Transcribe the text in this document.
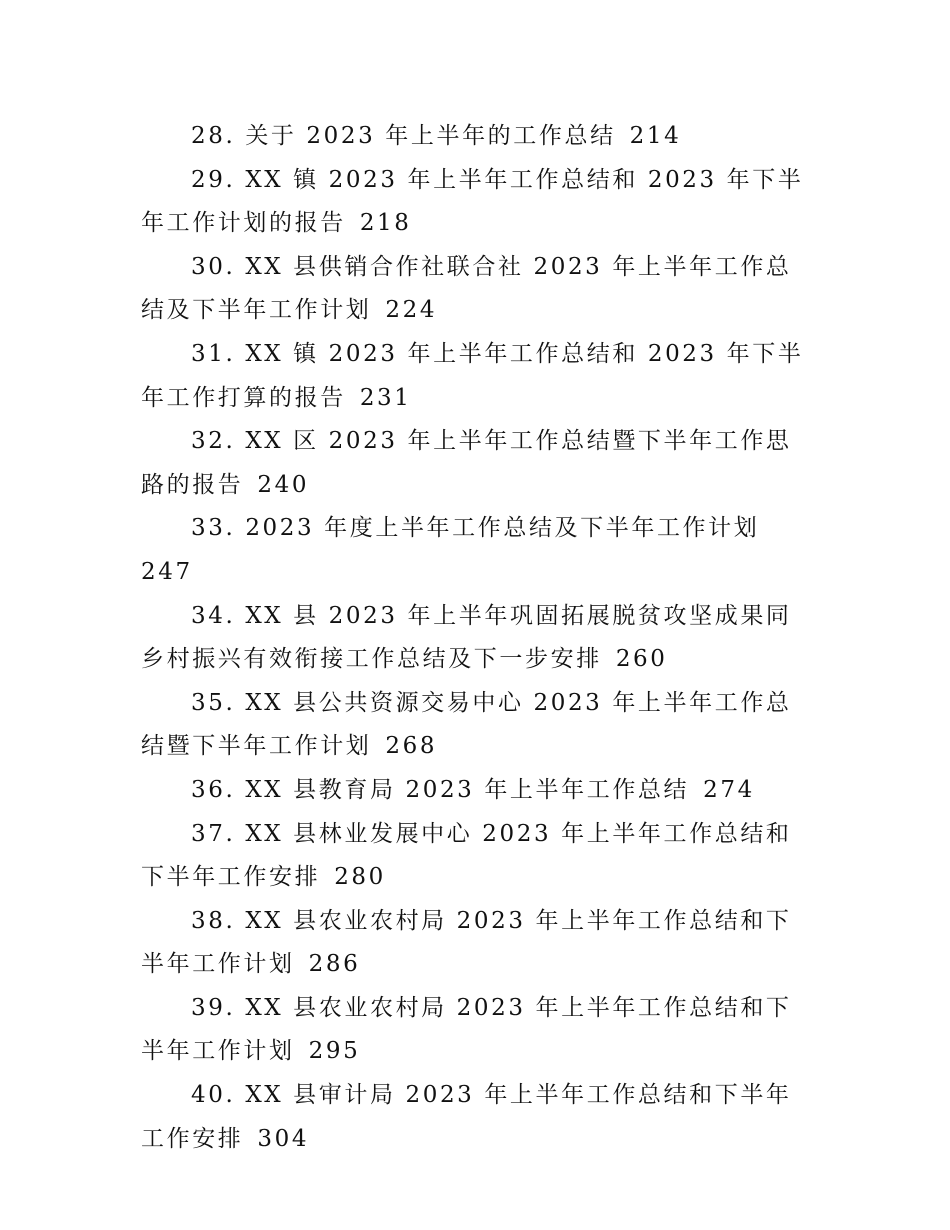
28. 关于 2023 年上半年的工作总结 214
29. XX 镇 2023 年上半年工作总结和 2023 年下半年工作计划的报告 218
30. XX 县供销合作社联合社 2023 年上半年工作总结及下半年工作计划 224
31. XX 镇 2023 年上半年工作总结和 2023 年下半年工作打算的报告 231
32. XX 区 2023 年上半年工作总结暨下半年工作思路的报告 240
33. 2023 年度上半年工作总结及下半年工作计划247
34. XX 县 2023 年上半年巩固拓展脱贫攻坚成果同乡村振兴有效衔接工作总结及下一步安排 260
35. XX 县公共资源交易中心 2023 年上半年工作总结暨下半年工作计划 268
36. XX 县教育局 2023 年上半年工作总结 274
37. XX 县林业发展中心 2023 年上半年工作总结和下半年工作安排 280
38. XX 县农业农村局 2023 年上半年工作总结和下半年工作计划 286
39. XX 县农业农村局 2023 年上半年工作总结和下半年工作计划 295
40. XX 县审计局 2023 年上半年工作总结和下半年工作安排 304
